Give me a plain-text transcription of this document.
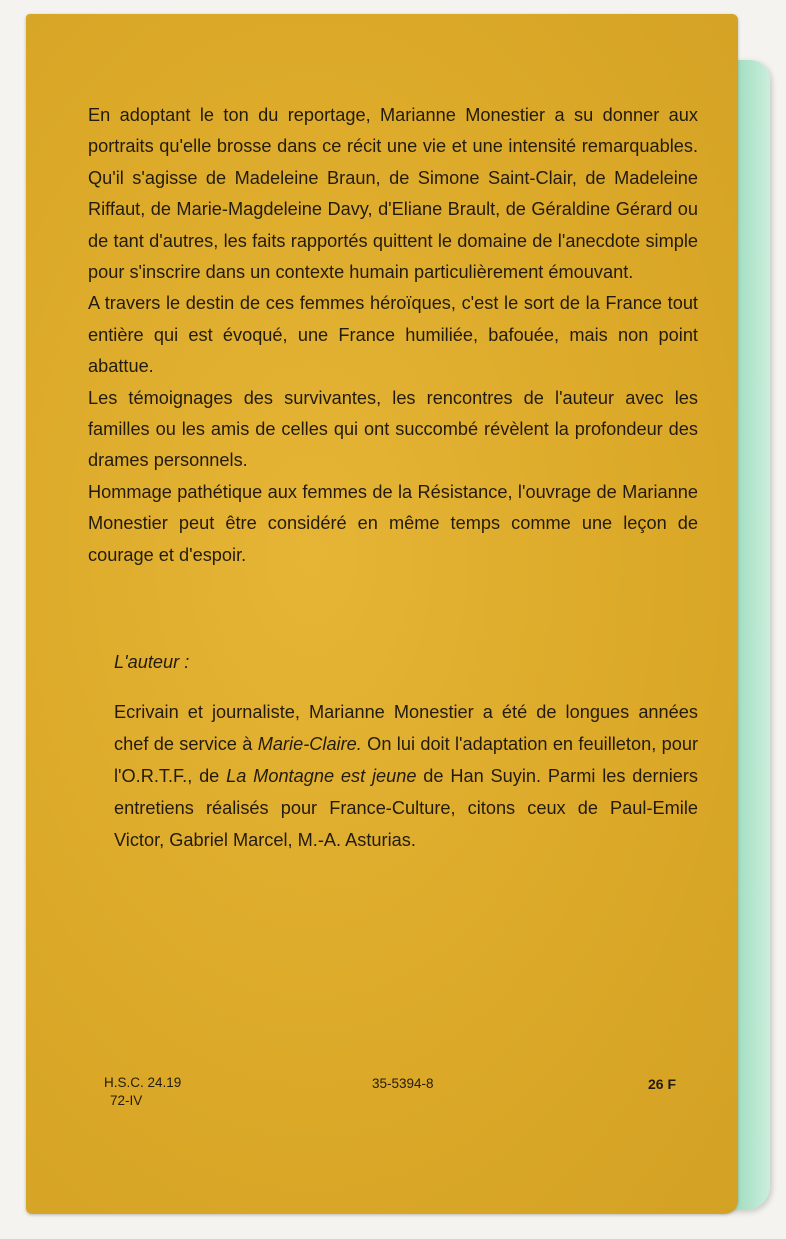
En adoptant le ton du reportage, Marianne Monestier a su donner aux portraits qu'elle brosse dans ce récit une vie et une intensité remarquables. Qu'il s'agisse de Madeleine Braun, de Simone Saint-Clair, de Madeleine Riffaut, de Marie-Magdeleine Davy, d'Eliane Brault, de Géraldine Gérard ou de tant d'autres, les faits rapportés quittent le domaine de l'anecdote simple pour s'inscrire dans un contexte humain particulièrement émouvant.

A travers le destin de ces femmes héroïques, c'est le sort de la France tout entière qui est évoqué, une France humiliée, bafouée, mais non point abattue.

Les témoignages des survivantes, les rencontres de l'auteur avec les familles ou les amis de celles qui ont succombé révèlent la profondeur des drames personnels.

Hommage pathétique aux femmes de la Résistance, l'ouvrage de Marianne Monestier peut être considéré en même temps comme une leçon de courage et d'espoir.

L'auteur :

Ecrivain et journaliste, Marianne Monestier a été de longues années chef de service à Marie-Claire. On lui doit l'adaptation en feuilleton, pour l'O.R.T.F., de La Montagne est jeune de Han Suyin. Parmi les derniers entretiens réalisés pour France-Culture, citons ceux de Paul-Emile Victor, Gabriel Marcel, M.-A. Asturias.

H.S.C. 24.19
72-IV
35-5394-8	26 F
